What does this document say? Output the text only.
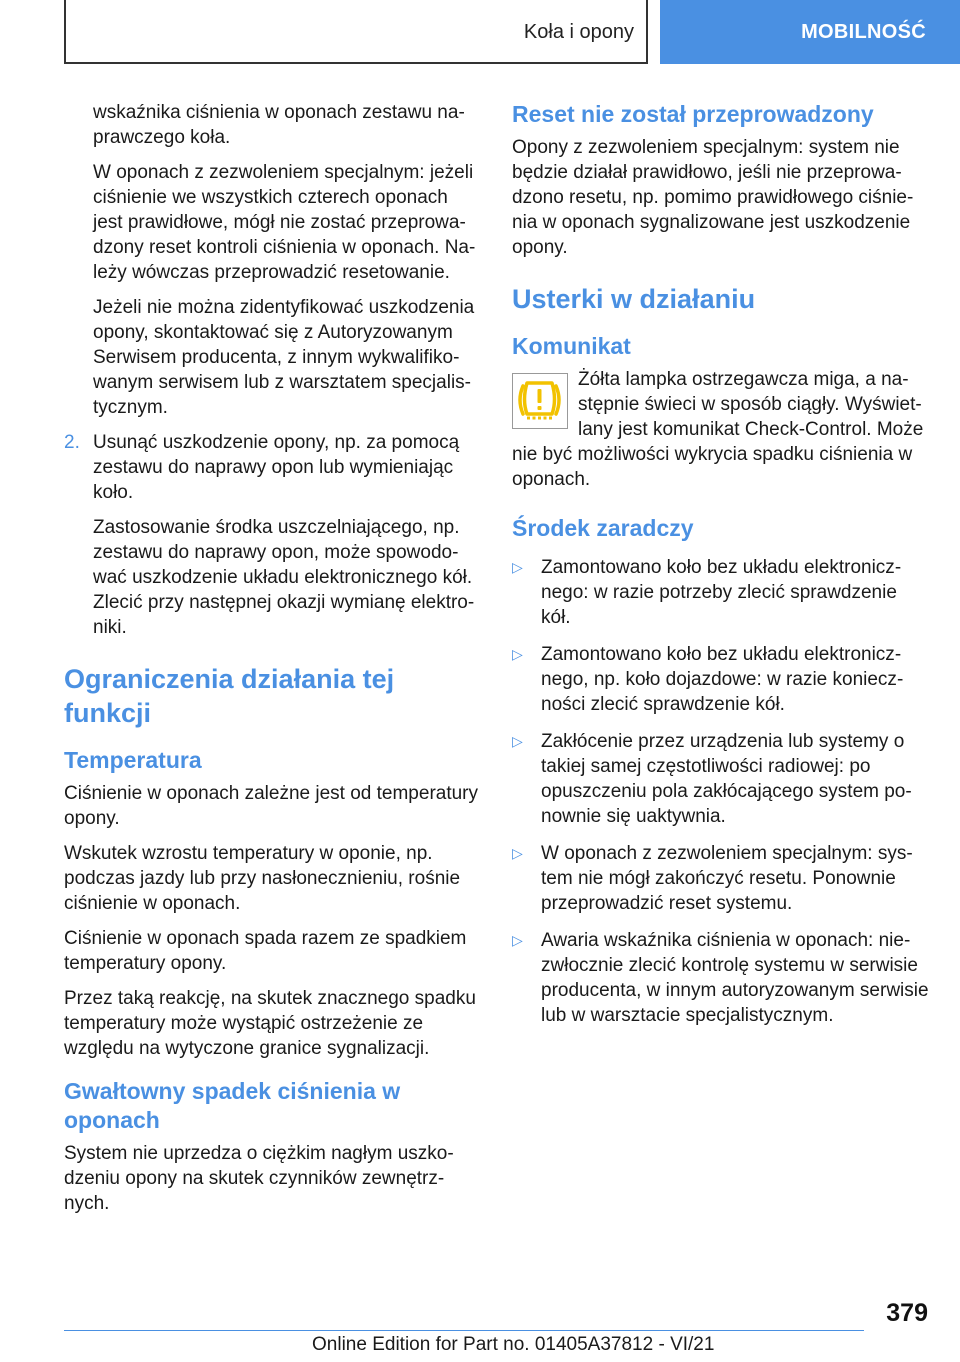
Koła i opony	MOBILNOŚĆ

wskaźnika ciśnienia w oponach zestawu naprawczego koła.

W oponach z zezwoleniem specjalnym: jeżeli ciśnienie we wszystkich czterech oponach jest prawidłowe, mógł nie zostać przeprowadzony reset kontroli ciśnienia w oponach. Należy wówczas przeprowadzić resetowanie.

Jeżeli nie można zidentyfikować uszkodzenia opony, skontaktować się z Autoryzowanym Serwisem producenta, z innym wykwalifikowanym serwisem lub z warsztatem specjalistycznym.

2. Usunąć uszkodzenie opony, np. za pomocą zestawu do naprawy opon lub wymieniając koło.

Zastosowanie środka uszczelniającego, np. zestawu do naprawy opon, może spowodować uszkodzenie układu elektronicznego kół. Zlecić przy następnej okazji wymianę elektroniki.

Ograniczenia działania tej funkcji
Temperatura

Ciśnienie w oponach zależne jest od temperatury opony.

Wskutek wzrostu temperatury w oponie, np. podczas jazdy lub przy nasłonecznieniu, rośnie ciśnienie w oponach.

Ciśnienie w oponach spada razem ze spadkiem temperatury opony.

Przez taką reakcję, na skutek znacznego spadku temperatury może wystąpić ostrzeżenie ze względu na wytyczone granice sygnalizacji.

Gwałtowny spadek ciśnienia w oponach

System nie uprzedza o ciężkim nagłym uszkodzeniu opony na skutek czynników zewnętrznych.

Reset nie został przeprowadzony

Opony z zezwoleniem specjalnym: system nie będzie działał prawidłowo, jeśli nie przeprowadzono resetu, np. pomimo prawidłowego ciśnienia w oponach sygnalizowane jest uszkodzenie opony.

Usterki w działaniu
Komunikat

Żółta lampka ostrzegawcza miga, a następnie świeci w sposób ciągły. Wyświetlany jest komunikat Check-Control. Może nie być możliwości wykrycia spadku ciśnienia w oponach.

Środek zaradczy
▷ Zamontowano koło bez układu elektronicznego: w razie potrzeby zlecić sprawdzenie kół.
▷ Zamontowano koło bez układu elektronicznego, np. koło dojazdowe: w razie konieczności zlecić sprawdzenie kół.
▷ Zakłócenie przez urządzenia lub systemy o takiej samej częstotliwości radiowej: po opuszczeniu pola zakłócającego system ponownie się uaktywnia.
▷ W oponach z zezwoleniem specjalnym: system nie mógł zakończyć resetu. Ponownie przeprowadzić reset systemu.
▷ Awaria wskaźnika ciśnienia w oponach: niezwłocznie zlecić kontrolę systemu w serwisie producenta, w innym autoryzowanym serwisie lub w warsztacie specjalistycznym.
379
Online Edition for Part no. 01405A37812 - VI/21
